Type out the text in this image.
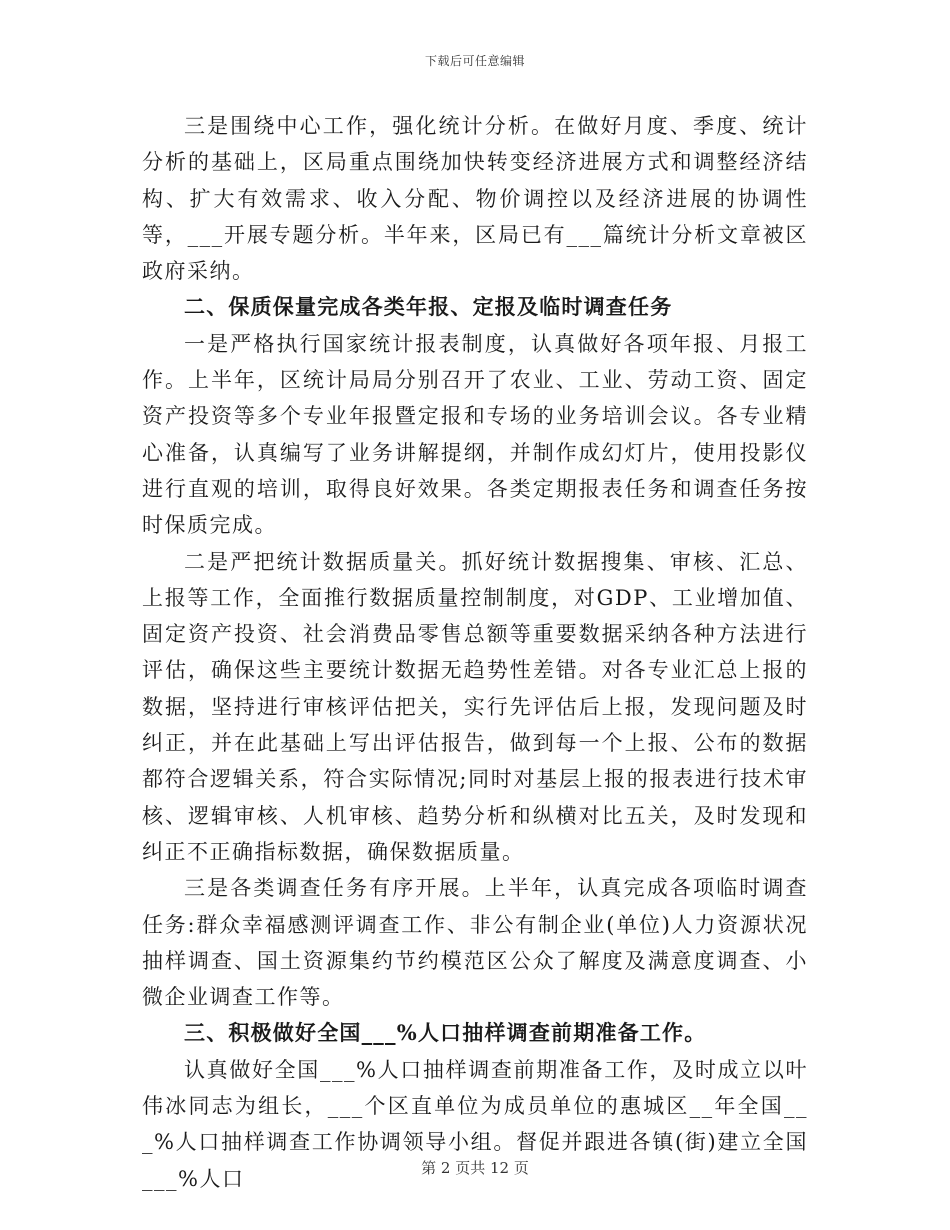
下载后可任意编辑

三是围绕中心工作，强化统计分析。在做好月度、季度、统计分析的基础上，区局重点围绕加快转变经济进展方式和调整经济结构、扩大有效需求、收入分配、物价调控以及经济进展的协调性等，___开展专题分析。半年来，区局已有___篇统计分析文章被区政府采纳。

二、保质保量完成各类年报、定报及临时调查任务

一是严格执行国家统计报表制度，认真做好各项年报、月报工作。上半年，区统计局局分别召开了农业、工业、劳动工资、固定资产投资等多个专业年报暨定报和专场的业务培训会议。各专业精心准备，认真编写了业务讲解提纲，并制作成幻灯片，使用投影仪进行直观的培训，取得良好效果。各类定期报表任务和调查任务按时保质完成。

二是严把统计数据质量关。抓好统计数据搜集、审核、汇总、上报等工作，全面推行数据质量控制制度，对GDP、工业增加值、固定资产投资、社会消费品零售总额等重要数据采纳各种方法进行评估，确保这些主要统计数据无趋势性差错。对各专业汇总上报的数据，坚持进行审核评估把关，实行先评估后上报，发现问题及时纠正，并在此基础上写出评估报告，做到每一个上报、公布的数据都符合逻辑关系，符合实际情况;同时对基层上报的报表进行技术审核、逻辑审核、人机审核、趋势分析和纵横对比五关，及时发现和纠正不正确指标数据，确保数据质量。

三是各类调查任务有序开展。上半年，认真完成各项临时调查任务:群众幸福感测评调查工作、非公有制企业(单位)人力资源状况抽样调查、国土资源集约节约模范区公众了解度及满意度调查、小微企业调查工作等。

三、积极做好全国___%人口抽样调查前期准备工作。

认真做好全国___%人口抽样调查前期准备工作，及时成立以叶伟冰同志为组长，___个区直单位为成员单位的惠城区__年全国___%人口抽样调查工作协调领导小组。督促并跟进各镇(街)建立全国___%人口	第 2 页共 12 页
